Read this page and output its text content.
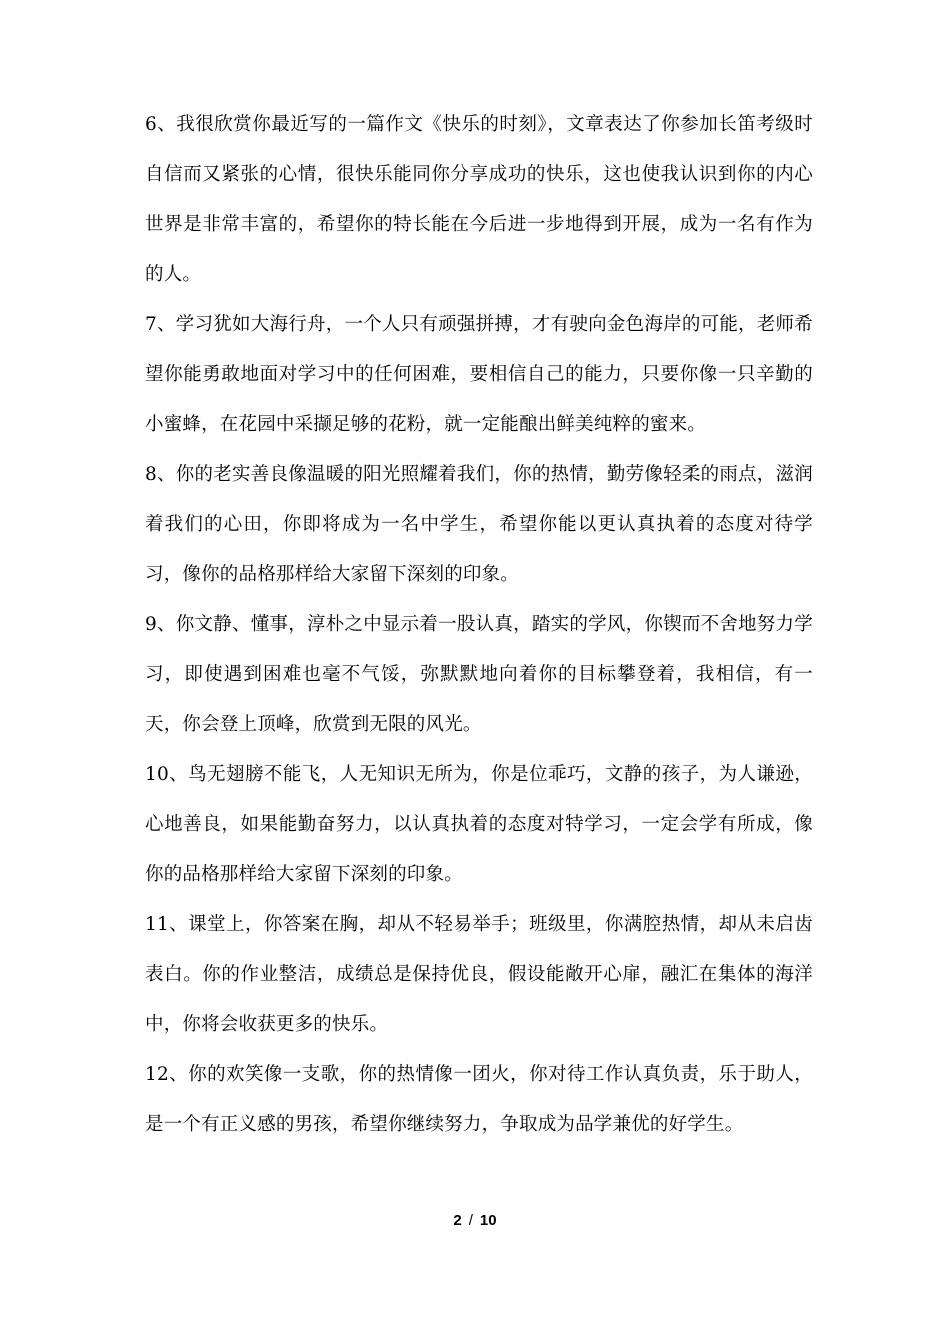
6、我很欣赏你最近写的一篇作文《快乐的时刻》，文章表达了你参加长笛考级时自信而又紧张的心情，很快乐能同你分享成功的快乐，这也使我认识到你的内心世界是非常丰富的，希望你的特长能在今后进一步地得到开展，成为一名有作为的人。

7、学习犹如大海行舟，一个人只有顽强拼搏，才有驶向金色海岸的可能，老师希望你能勇敢地面对学习中的任何困难，要相信自己的能力，只要你像一只辛勤的小蜜蜂，在花园中采撷足够的花粉，就一定能酿出鲜美纯粹的蜜来。

8、你的老实善良像温暖的阳光照耀着我们，你的热情，勤劳像轻柔的雨点，滋润着我们的心田，你即将成为一名中学生，希望你能以更认真执着的态度对待学习，像你的品格那样给大家留下深刻的印象。

9、你文静、懂事，淳朴之中显示着一股认真，踏实的学风，你锲而不舍地努力学习，即使遇到困难也毫不气馁，弥默默地向着你的目标攀登着，我相信，有一天，你会登上顶峰，欣赏到无限的风光。

10、鸟无翅膀不能飞，人无知识无所为，你是位乖巧，文静的孩子，为人谦逊，心地善良，如果能勤奋努力，以认真执着的态度对特学习，一定会学有所成，像你的品格那样给大家留下深刻的印象。

11、课堂上，你答案在胸，却从不轻易举手；班级里，你满腔热情，却从未启齿表白。你的作业整洁，成绩总是保持优良，假设能敞开心扉，融汇在集体的海洋中，你将会收获更多的快乐。

12、你的欢笑像一支歌，你的热情像一团火，你对待工作认真负责，乐于助人，是一个有正义感的男孩，希望你继续努力，争取成为品学兼优的好学生。

2 / 10
